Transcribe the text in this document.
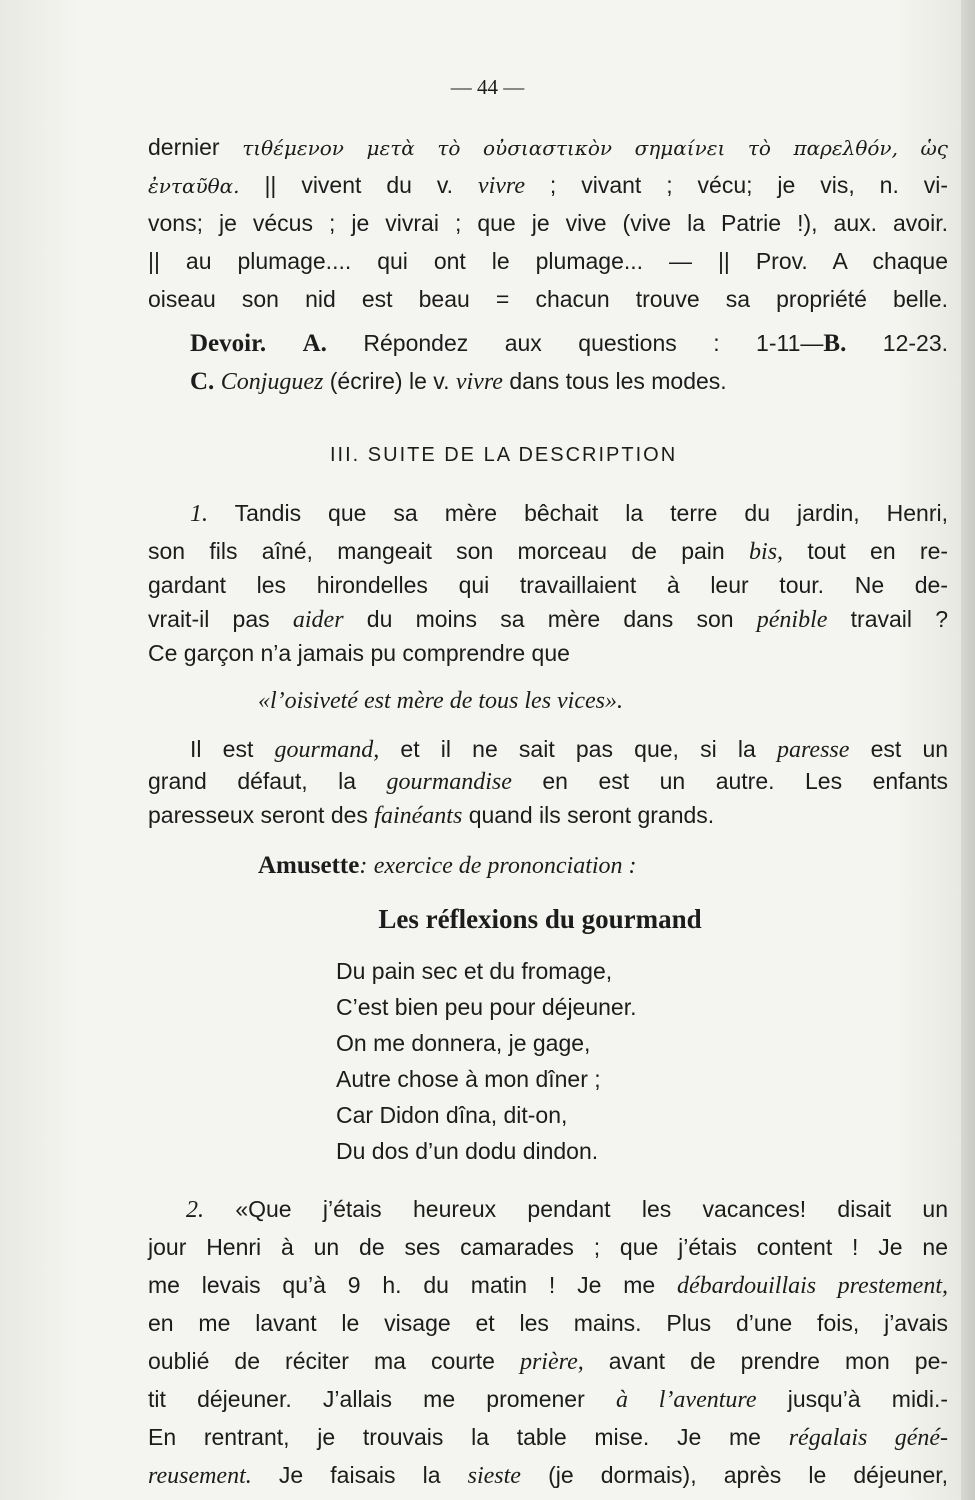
— 44 —
dernier τιθέμενον μετὰ τὸ οὐσιαστικὸν σημαίνει τὸ παρελθόν, ὡς
ἐνταῦθα. || vivent du v. vivre ; vivant ; vécu; je vis, n. vi-
vons; je vécus ; je vivrai ; que je vive (vive la Patrie !), aux. avoir.
|| au plumage.... qui ont le plumage... — || Prov. A chaque
oiseau son nid est beau = chacun trouve sa propriété belle.
Devoir. A. Répondez aux questions : 1-11—B. 12-23.
C. Conjuguez (écrire) le v. vivre dans tous les modes.
III. SUITE DE LA DESCRIPTION
1. Tandis que sa mère bêchait la terre du jardin, Henri,
son fils aîné, mangeait son morceau de pain bis, tout en re-
gardant les hirondelles qui travaillaient à leur tour. Ne de-
vrait-il pas aider du moins sa mère dans son pénible travail ?
Ce garçon n’a jamais pu comprendre que
«l’oisiveté est mère de tous les vices».
Il est gourmand, et il ne sait pas que, si la paresse est un
grand défaut, la gourmandise en est un autre. Les enfants
paresseux seront des fainéants quand ils seront grands.
Amusette: exercice de prononciation :
Les réflexions du gourmand
Du pain sec et du fromage,
C’est bien peu pour déjeuner.
On me donnera, je gage,
Autre chose à mon dîner ;
Car Didon dîna, dit-on,
Du dos d’un dodu dindon.
2. «Que j’étais heureux pendant les vacances! disait un
jour Henri à un de ses camarades ; que j’étais content ! Je ne
me levais qu’à 9 h. du matin ! Je me débardouillais prestement,
en me lavant le visage et les mains. Plus d’une fois, j’avais
oublié de réciter ma courte prière, avant de prendre mon pe-
tit déjeuner. J’allais me promener à l’aventure jusqu’à midi.-
En rentrant, je trouvais la table mise. Je me régalais géné-
reusement. Je faisais la sieste (je dormais), après le déjeuner,
